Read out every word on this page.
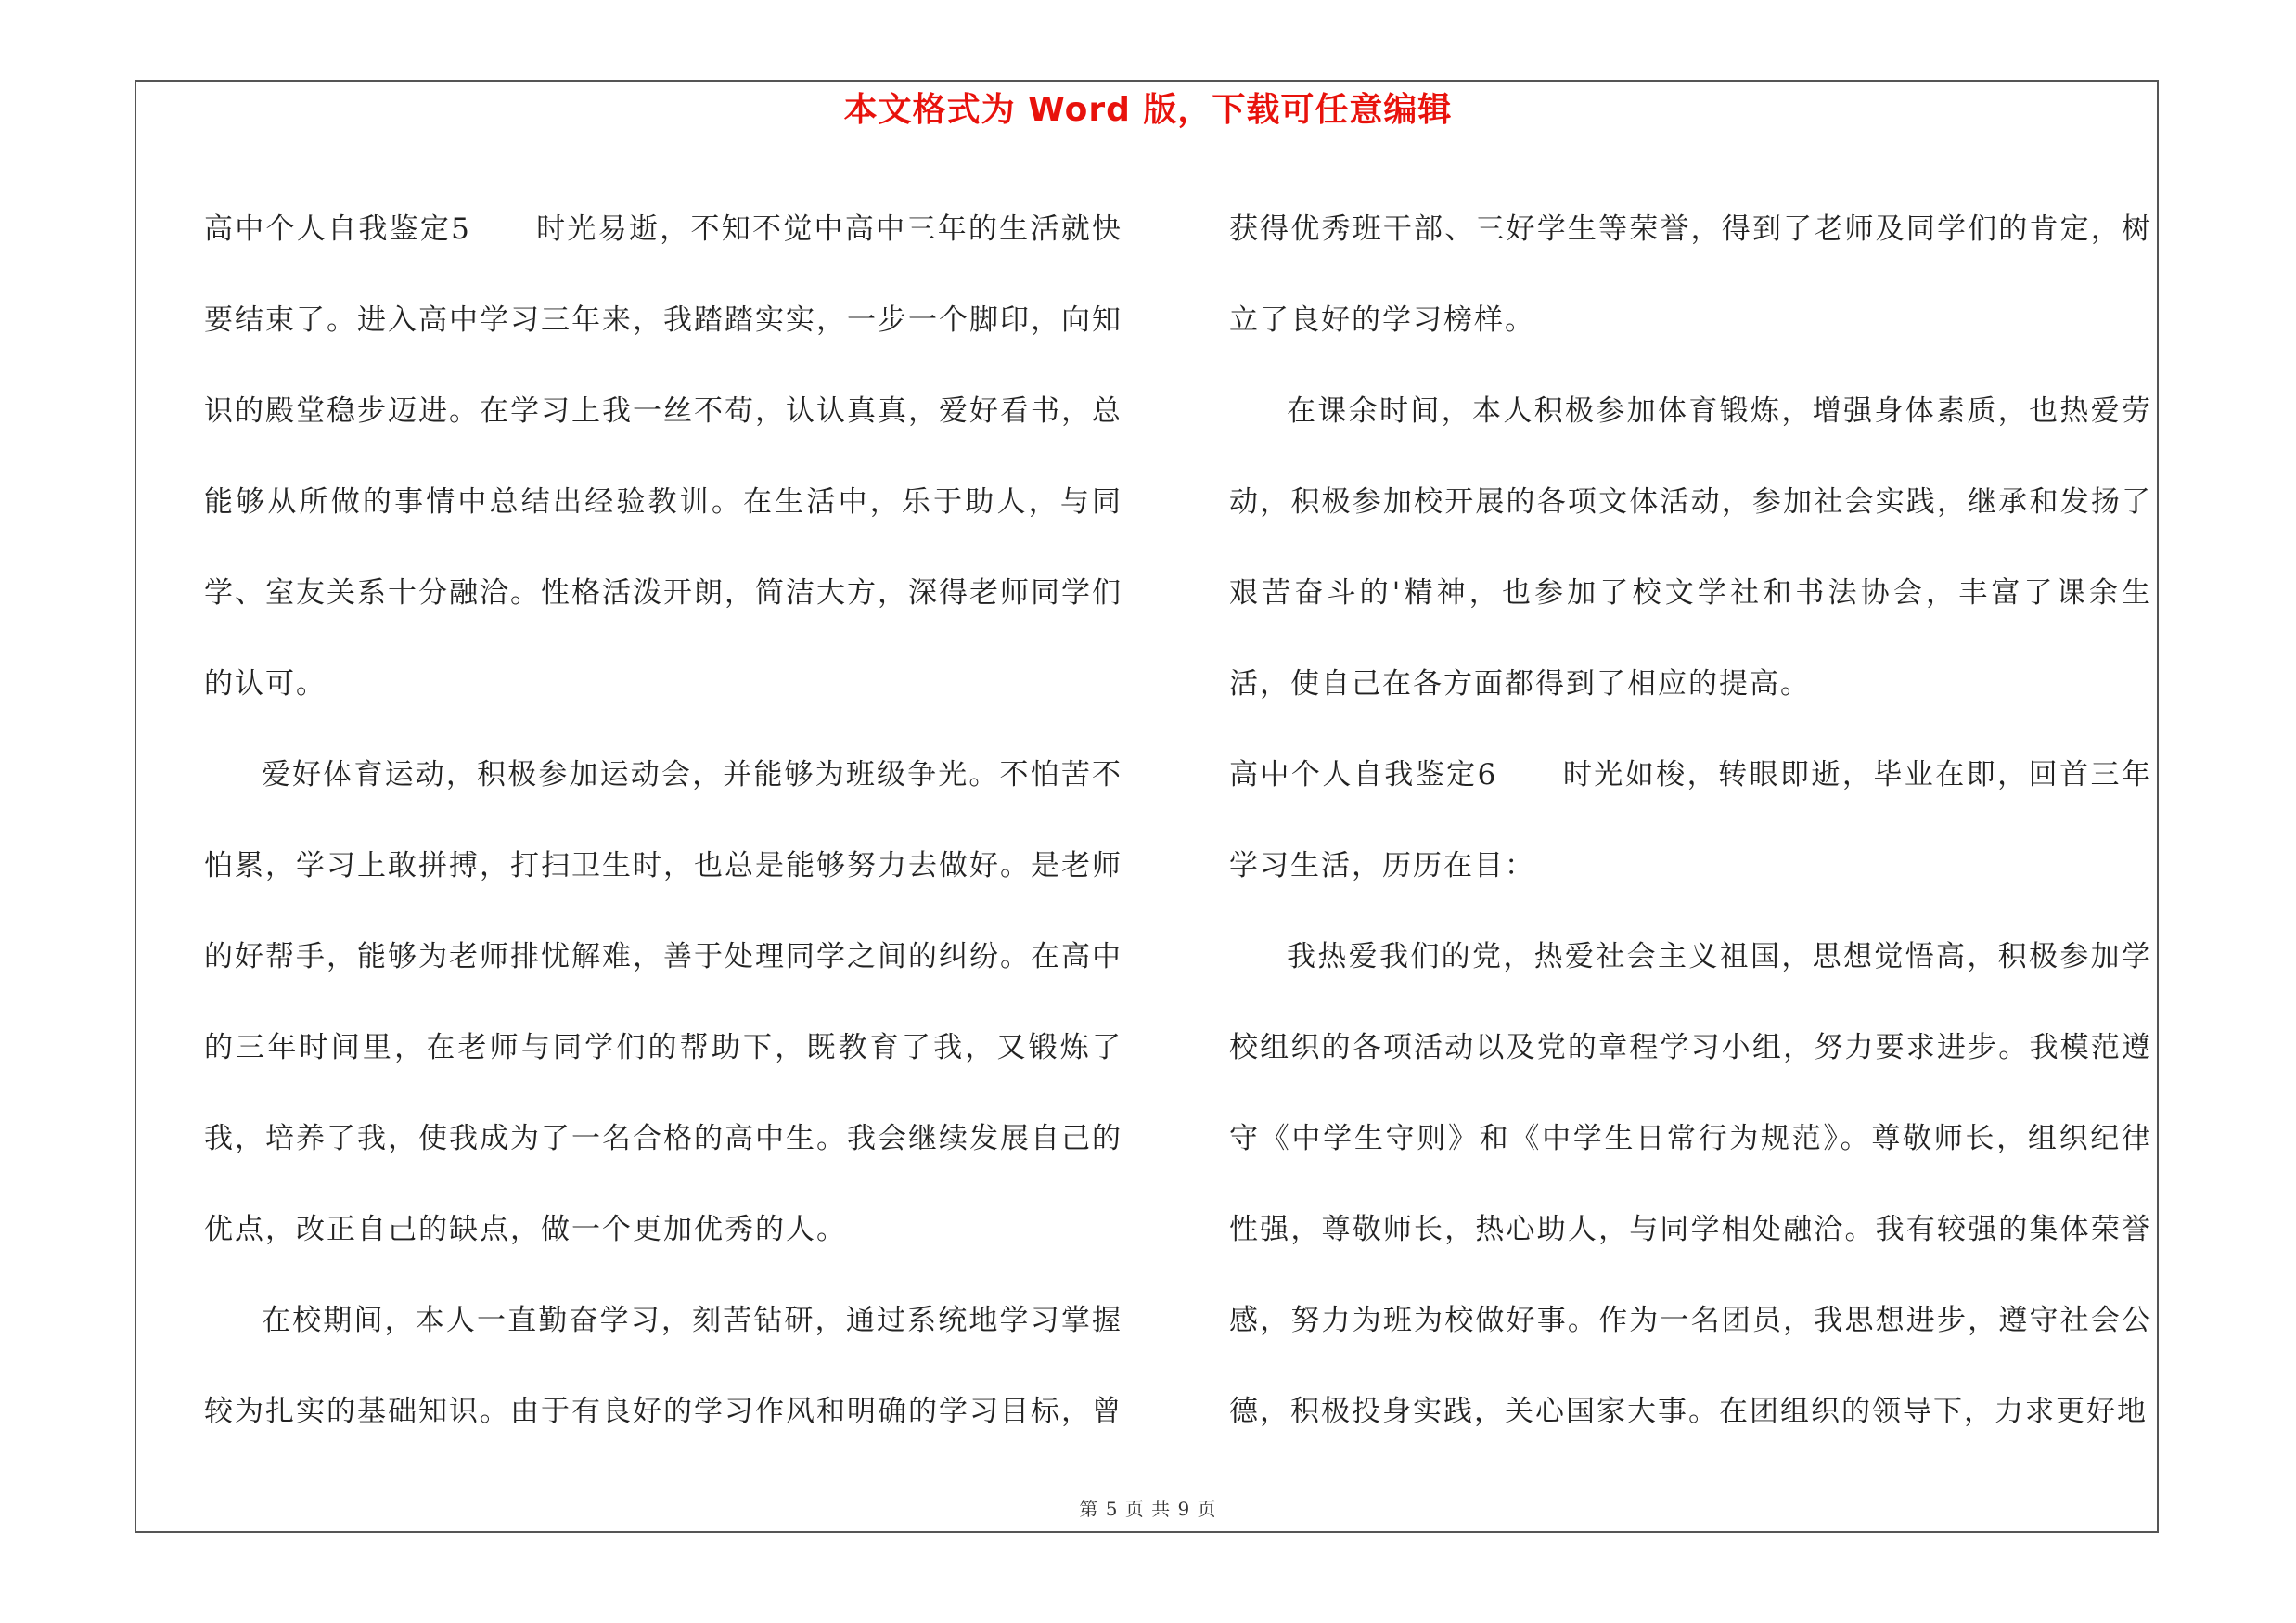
本文格式为 Word 版，下载可任意编辑

高中个人自我鉴定5 时光易逝，不知不觉中高中三年的生活就快要结束了。进入高中学习三年来，我踏踏实实，一步一个脚印，向知识的殿堂稳步迈进。在学习上我一丝不苟，认认真真，爱好看书，总能够从所做的事情中总结出经验教训。在生活中，乐于助人，与同学、室友关系十分融洽。性格活泼开朗，简洁大方，深得老师同学们的认可。

爱好体育运动，积极参加运动会，并能够为班级争光。不怕苦不怕累，学习上敢拼搏，打扫卫生时，也总是能够努力去做好。是老师的好帮手，能够为老师排忧解难，善于处理同学之间的纠纷。在高中的三年时间里，在老师与同学们的帮助下，既教育了我，又锻炼了我，培养了我，使我成为了一名合格的高中生。我会继续发展自己的优点，改正自己的缺点，做一个更加优秀的人。

在校期间，本人一直勤奋学习，刻苦钻研，通过系统地学习掌握较为扎实的基础知识。由于有良好的学习作风和明确的学习目标，曾

获得优秀班干部、三好学生等荣誉，得到了老师及同学们的肯定，树立了良好的学习榜样。

在课余时间，本人积极参加体育锻炼，增强身体素质，也热爱劳动，积极参加校开展的各项文体活动，参加社会实践，继承和发扬了艰苦奋斗的'精神，也参加了校文学社和书法协会，丰富了课余生活，使自己在各方面都得到了相应的提高。

高中个人自我鉴定6 时光如梭，转眼即逝，毕业在即，回首三年学习生活，历历在目：

我热爱我们的党，热爱社会主义祖国，思想觉悟高，积极参加学校组织的各项活动以及党的章程学习小组，努力要求进步。我模范遵守《中学生守则》和《中学生日常行为规范》。尊敬师长，组织纪律性强，尊敬师长，热心助人，与同学相处融洽。我有较强的集体荣誉感，努力为班为校做好事。作为一名团员，我思想进步，遵守社会公德，积极投身实践，关心国家大事。在团组织的领导下，力求更好地

第 5 页 共 9 页
